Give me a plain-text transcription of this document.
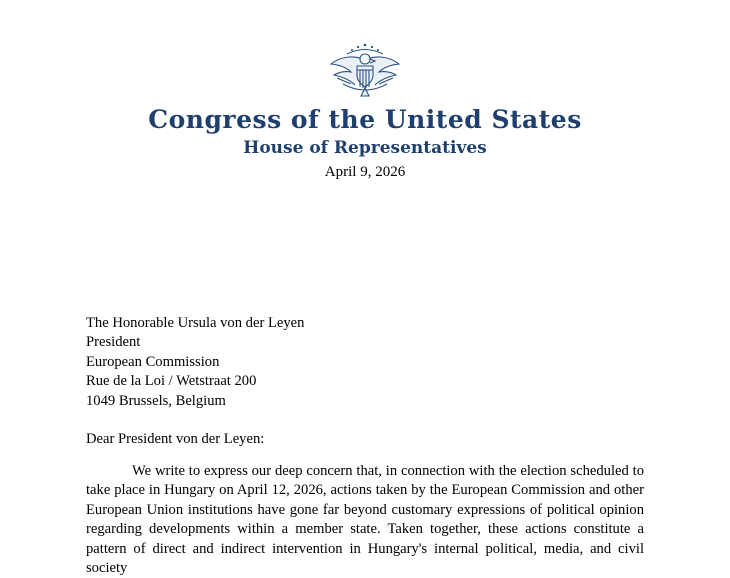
Congress of the United States
House of Representatives
April 9, 2026
The Honorable Ursula von der Leyen
President
European Commission
Rue de la Loi / Wetstraat 200
1049 Brussels, Belgium
Dear President von der Leyen:

We write to express our deep concern that, in connection with the election scheduled to take place in Hungary on April 12, 2026, actions taken by the European Commission and other European Union institutions have gone far beyond customary expressions of political opinion regarding developments within a member state. Taken together, these actions constitute a pattern of direct and indirect intervention in Hungary's internal political, media, and civil society
